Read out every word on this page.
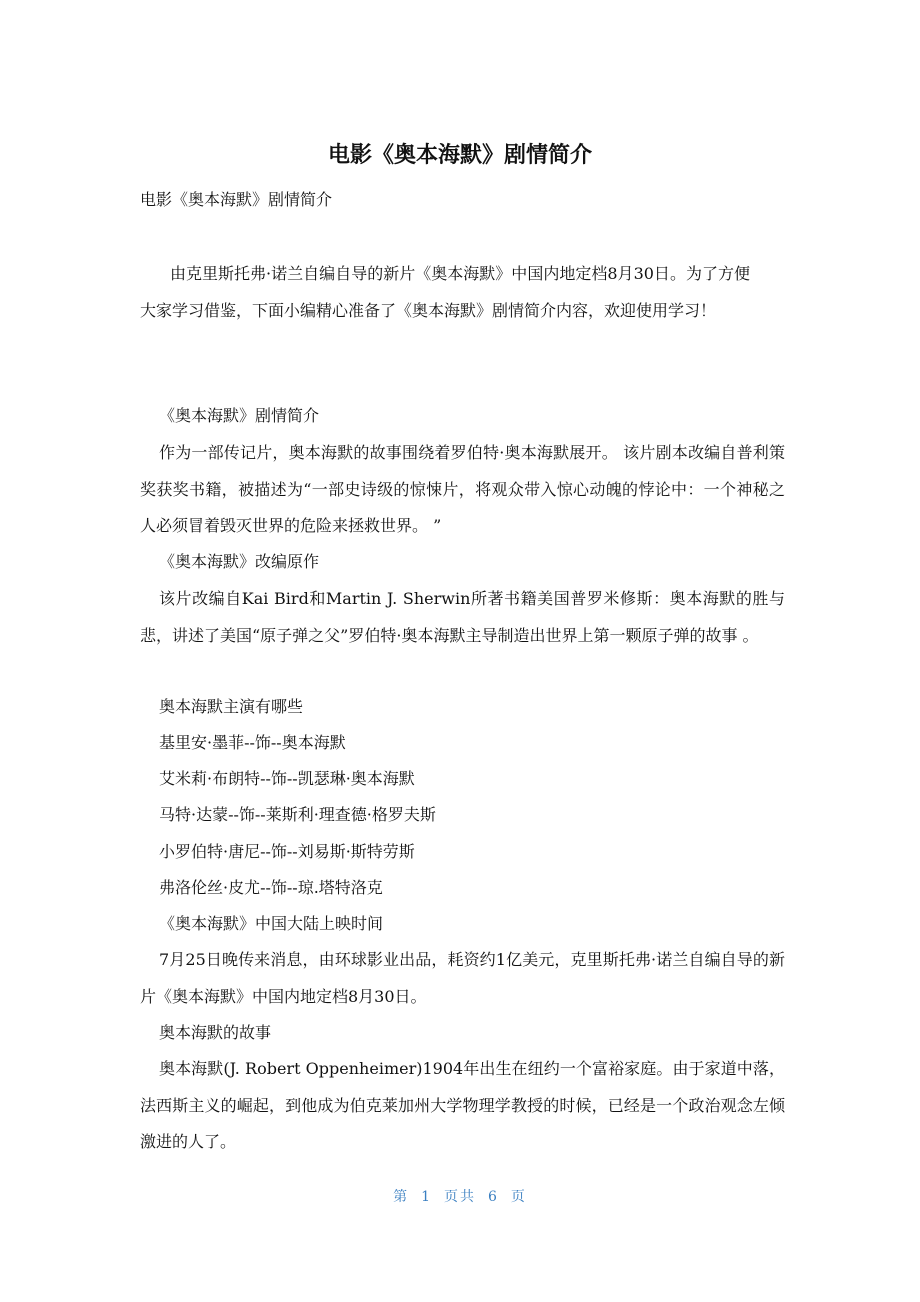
电影《奥本海默》剧情简介
电影《奥本海默》剧情简介
由克里斯托弗·诺兰自编自导的新片《奥本海默》中国内地定档8月30日。为了方便大家学习借鉴，下面小编精心准备了《奥本海默》剧情简介内容，欢迎使用学习！
《奥本海默》剧情简介
作为一部传记片，奥本海默的故事围绕着罗伯特·奥本海默展开。 该片剧本改编自普利策奖获奖书籍，被描述为“一部史诗级的惊悚片，将观众带入惊心动魄的悖论中：一个神秘之人必须冒着毁灭世界的危险来拯救世界。 ”
《奥本海默》改编原作
该片改编自Kai Bird和Martin J. Sherwin所著书籍美国普罗米修斯：奥本海默的胜与悲，讲述了美国“原子弹之父”罗伯特·奥本海默主导制造出世界上第一颗原子弹的故事 。
奥本海默主演有哪些
基里安·墨菲--饰--奥本海默
艾米莉·布朗特--饰--凯瑟琳·奥本海默
马特·达蒙--饰--莱斯利·理查德·格罗夫斯
小罗伯特·唐尼--饰--刘易斯·斯特劳斯
弗洛伦丝·皮尤--饰--琼.塔特洛克
《奥本海默》中国大陆上映时间
7月25日晚传来消息，由环球影业出品，耗资约1亿美元，克里斯托弗·诺兰自编自导的新片《奥本海默》中国内地定档8月30日。
奥本海默的故事
奥本海默(J. Robert Oppenheimer)1904年出生在纽约一个富裕家庭。由于家道中落，法西斯主义的崛起，到他成为伯克莱加州大学物理学教授的时候，已经是一个政治观念左倾激进的人了。
第 1 页共 6 页
